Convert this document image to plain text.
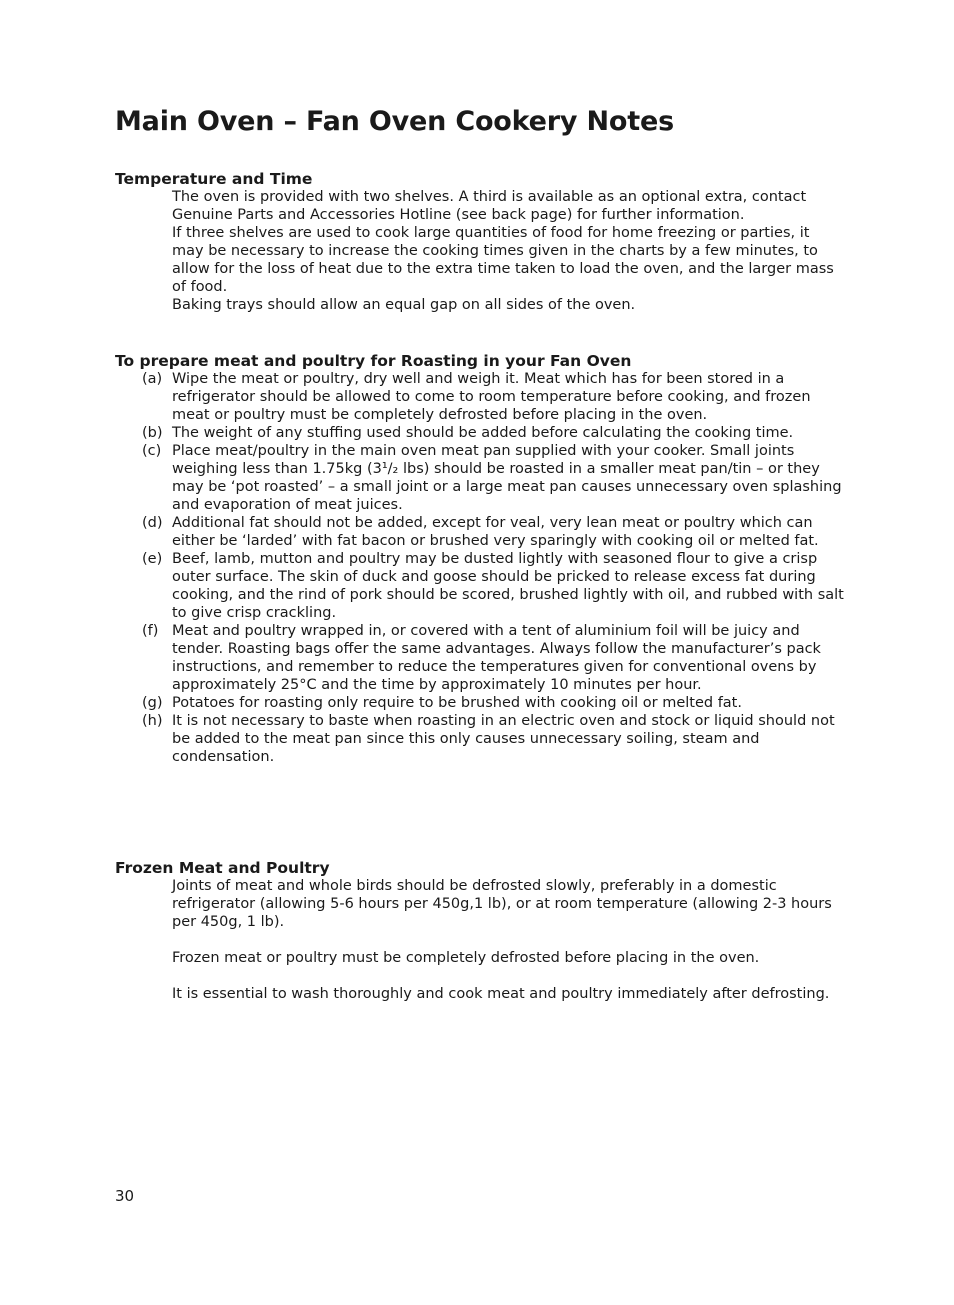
Main Oven – Fan Oven Cookery Notes
Temperature and Time

The oven is provided with two shelves. A third is available as an optional extra, contact Genuine Parts and Accessories Hotline (see back page) for further information.

If three shelves are used to cook large quantities of food for home freezing or parties, it may be necessary to increase the cooking times given in the charts by a few minutes, to allow for the loss of heat due to the extra time taken to load the oven, and the larger mass of food.

Baking trays should allow an equal gap on all sides of the oven.

To prepare meat and poultry for Roasting in your Fan Oven
(a) Wipe the meat or poultry, dry well and weigh it. Meat which has for been stored in a refrigerator should be allowed to come to room temperature before cooking, and frozen meat or poultry must be completely defrosted before placing in the oven.
(b) The weight of any stuffing used should be added before calculating the cooking time.
(c) Place meat/poultry in the main oven meat pan supplied with your cooker. Small joints weighing less than 1.75kg (3¹/₂ lbs) should be roasted in a smaller meat pan/tin – or they may be ‘pot roasted’ – a small joint or a large meat pan causes unnecessary oven splashing and evaporation of meat juices.
(d) Additional fat should not be added, except for veal, very lean meat or poultry which can either be ‘larded’ with fat bacon or brushed very sparingly with cooking oil or melted fat.
(e) Beef, lamb, mutton and poultry may be dusted lightly with seasoned flour to give a crisp outer surface. The skin of duck and goose should be pricked to release excess fat during cooking, and the rind of pork should be scored, brushed lightly with oil, and rubbed with salt to give crisp crackling.
(f) Meat and poultry wrapped in, or covered with a tent of aluminium foil will be juicy and tender. Roasting bags offer the same advantages. Always follow the manufacturer’s pack instructions, and remember to reduce the temperatures given for conventional ovens by approximately 25°C and the time by approximately 10 minutes per hour.
(g) Potatoes for roasting only require to be brushed with cooking oil or melted fat.
(h) It is not necessary to baste when roasting in an electric oven and stock or liquid should not be added to the meat pan since this only causes unnecessary soiling, steam and condensation.
Frozen Meat and Poultry

Joints of meat and whole birds should be defrosted slowly, preferably in a domestic refrigerator (allowing 5-6 hours per 450g,1 lb), or at room temperature (allowing 2-3 hours per 450g, 1 lb).

Frozen meat or poultry must be completely defrosted before placing in the oven.

It is essential to wash thoroughly and cook meat and poultry immediately after defrosting.

30
